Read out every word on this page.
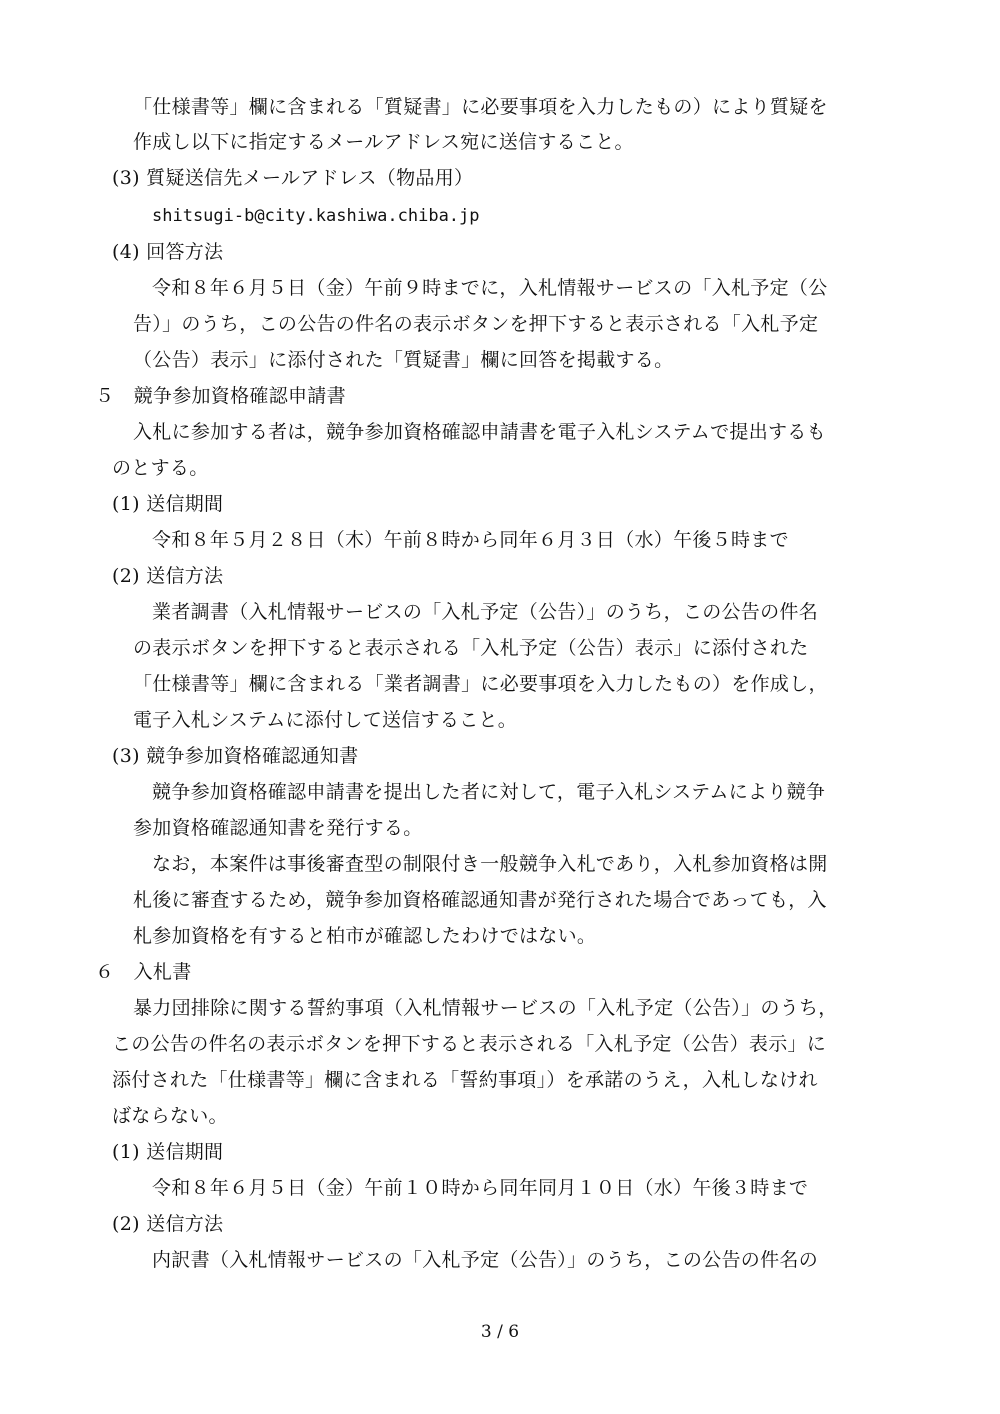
「仕様書等」欄に含まれる「質疑書」に必要事項を入力したもの）により質疑を
作成し以下に指定するメールアドレス宛に送信すること。
(3) 質疑送信先メールアドレス（物品用）
shitsugi-b@city.kashiwa.chiba.jp
(4) 回答方法
令和８年６月５日（金）午前９時までに，入札情報サービスの「入札予定（公
告）」のうち，この公告の件名の表示ボタンを押下すると表示される「入札予定
（公告）表示」に添付された「質疑書」欄に回答を掲載する。
５　競争参加資格確認申請書
入札に参加する者は，競争参加資格確認申請書を電子入札システムで提出するも
のとする。
(1) 送信期間
令和８年５月２８日（木）午前８時から同年６月３日（水）午後５時まで
(2) 送信方法
業者調書（入札情報サービスの「入札予定（公告）」のうち，この公告の件名
の表示ボタンを押下すると表示される「入札予定（公告）表示」に添付された
「仕様書等」欄に含まれる「業者調書」に必要事項を入力したもの）を作成し，
電子入札システムに添付して送信すること。
(3) 競争参加資格確認通知書
競争参加資格確認申請書を提出した者に対して，電子入札システムにより競争
参加資格確認通知書を発行する。
なお，本案件は事後審査型の制限付き一般競争入札であり，入札参加資格は開
札後に審査するため，競争参加資格確認通知書が発行された場合であっても，入
札参加資格を有すると柏市が確認したわけではない。
６　入札書
暴力団排除に関する誓約事項（入札情報サービスの「入札予定（公告）」のうち，
この公告の件名の表示ボタンを押下すると表示される「入札予定（公告）表示」に
添付された「仕様書等」欄に含まれる「誓約事項」）を承諾のうえ，入札しなけれ
ばならない。
(1) 送信期間
令和８年６月５日（金）午前１０時から同年同月１０日（水）午後３時まで
(2) 送信方法
内訳書（入札情報サービスの「入札予定（公告）」のうち，この公告の件名の
3 / 6
